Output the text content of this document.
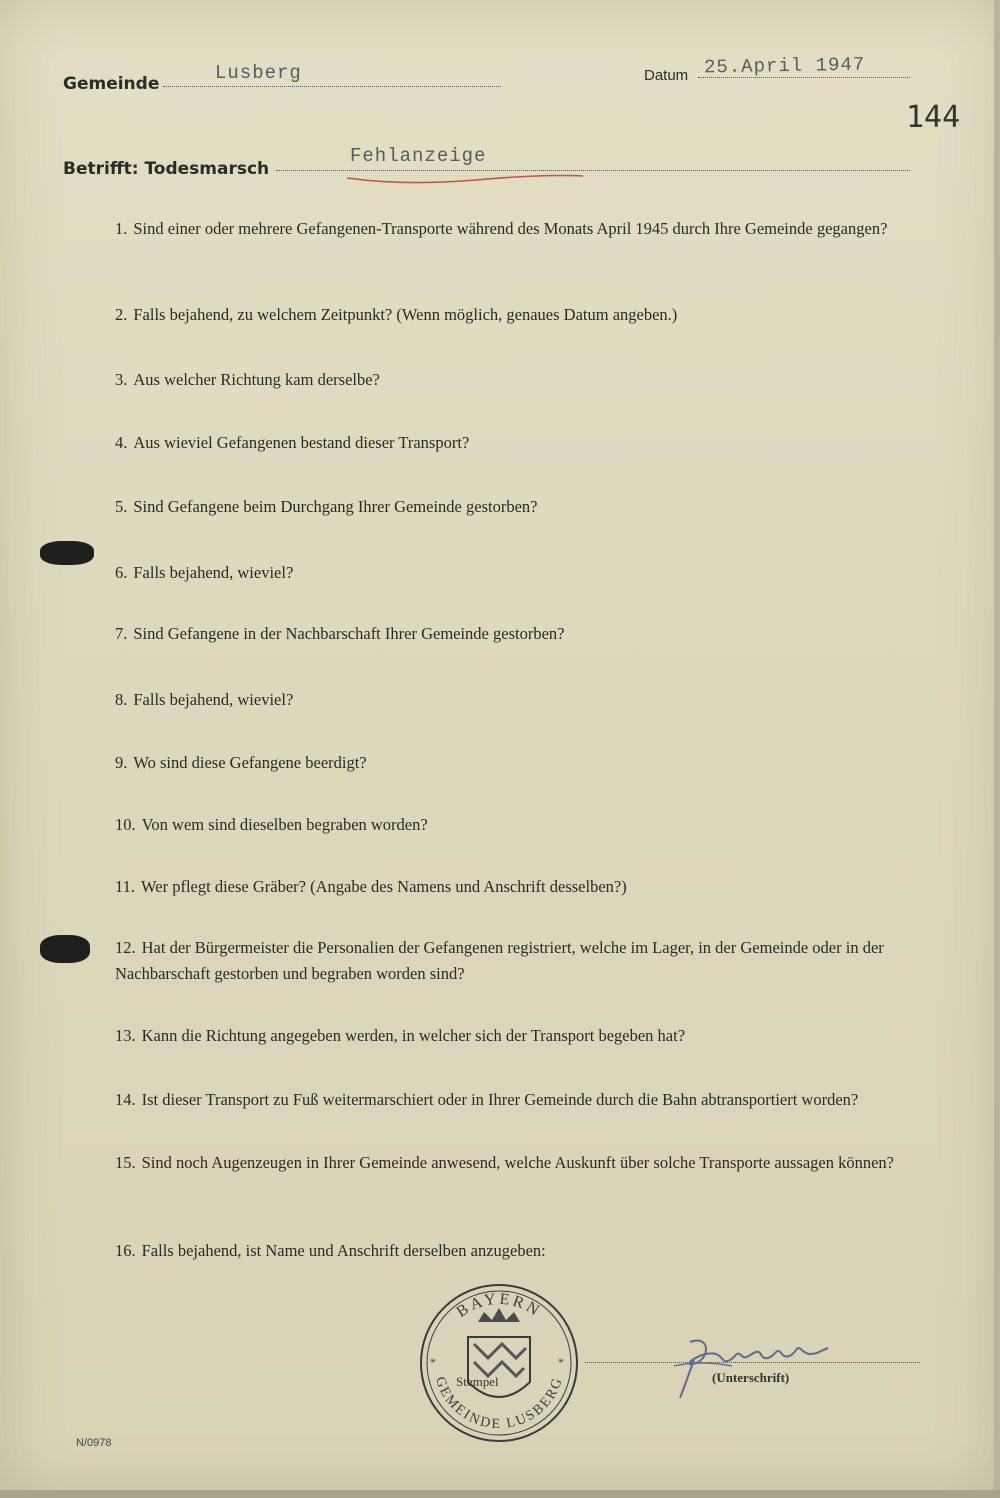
Gemeinde	Lusberg	Datum 25.April 1947
144
Betrifft: Todesmarsch
Fehlanzeige
1. Sind einer oder mehrere Gefangenen-Transporte während des Monats April 1945 durch Ihre Gemeinde gegangen?
2. Falls bejahend, zu welchem Zeitpunkt? (Wenn möglich, genaues Datum angeben.)
3. Aus welcher Richtung kam derselbe?
4. Aus wieviel Gefangenen bestand dieser Transport?
5. Sind Gefangene beim Durchgang Ihrer Gemeinde gestorben?
6. Falls bejahend, wieviel?
7. Sind Gefangene in der Nachbarschaft Ihrer Gemeinde gestorben?
8. Falls bejahend, wieviel?
9. Wo sind diese Gefangene beerdigt?
10. Von wem sind dieselben begraben worden?
11. Wer pflegt diese Gräber? (Angabe des Namens und Anschrift desselben?)
12. Hat der Bürgermeister die Personalien der Gefangenen registriert, welche im Lager, in der Gemeinde oder in der Nachbarschaft gestorben und begraben worden sind?
13. Kann die Richtung angegeben werden, in welcher sich der Transport begeben hat?
14. Ist dieser Transport zu Fuß weitermarschiert oder in Ihrer Gemeinde durch die Bahn abtransportiert worden?
15. Sind noch Augenzeugen in Ihrer Gemeinde anwesend, welche Auskunft über solche Transporte aussagen können?
16. Falls bejahend, ist Name und Anschrift derselben anzugeben:
BAYERN
GEMEINDE LUSBERG
*	*
Stempel	(Unterschrift)
N/0978
